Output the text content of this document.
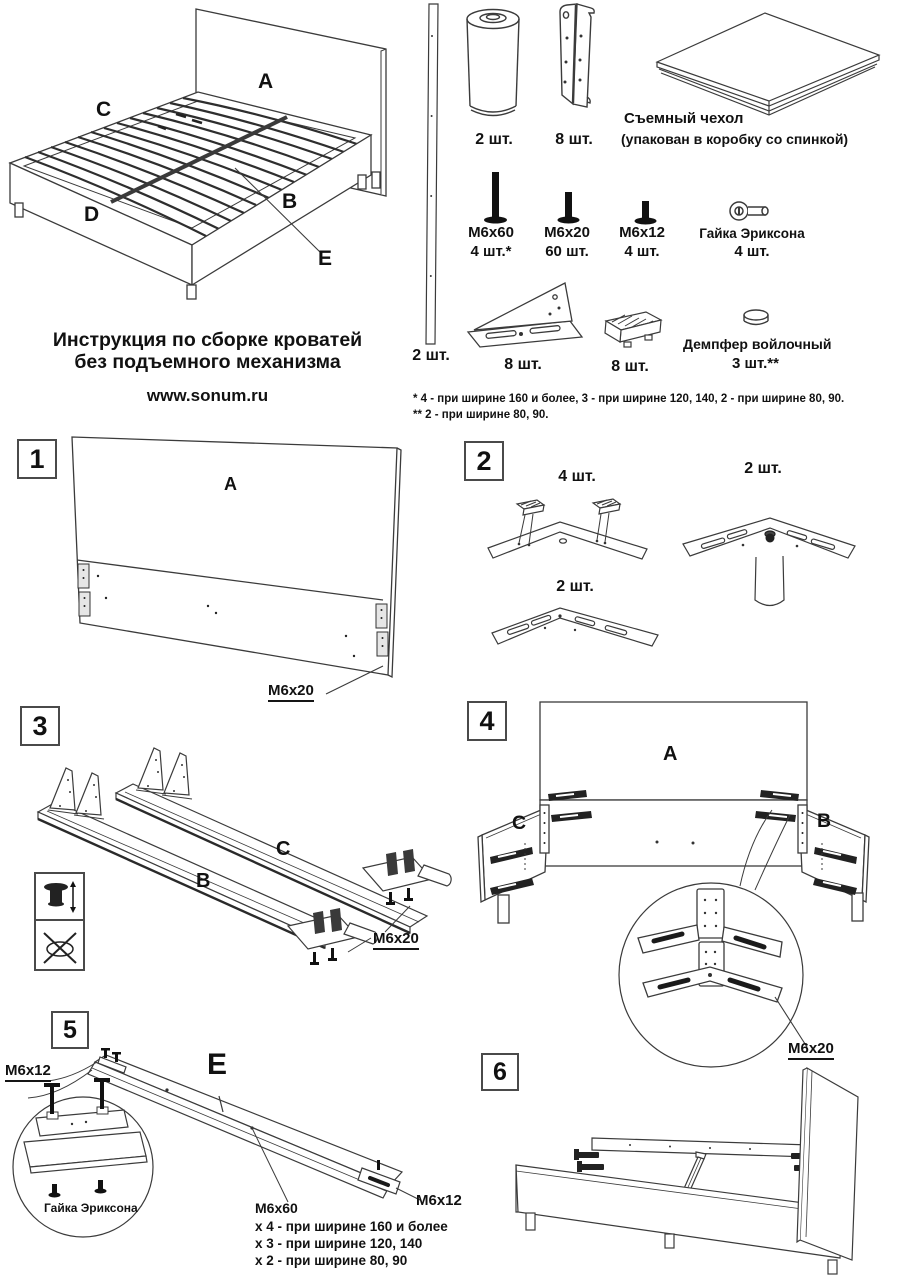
A
C
D
B
E
Инструкция по сборке кроватей
без подъемного механизма
www.sonum.ru
2 шт.
2 шт.	8 шт.
Съемный чехол
(упакован в коробку со спинкой)
M6x60
4 шт.*
M6x20
60 шт.
M6x12
4 шт.
Гайка Эриксона
4 шт.
8 шт.	8 шт.
Демпфер войлочный
3 шт.**
* 4 - при ширине 160 и более, 3 - при ширине 120, 140, 2 - при ширине 80, 90.
** 2 - при ширине 80, 90.
1
A
M6x20
2
4 шт.	2 шт.
2 шт.
3
C
B
M6x20
4
A
C	B
M6x20
5
M6x12	E
Гайка Эриксона	M6x60
x 4 - при ширине 160 и более
x 3 - при ширине 120, 140
x 2 - при ширине 80, 90
M6x12
6
